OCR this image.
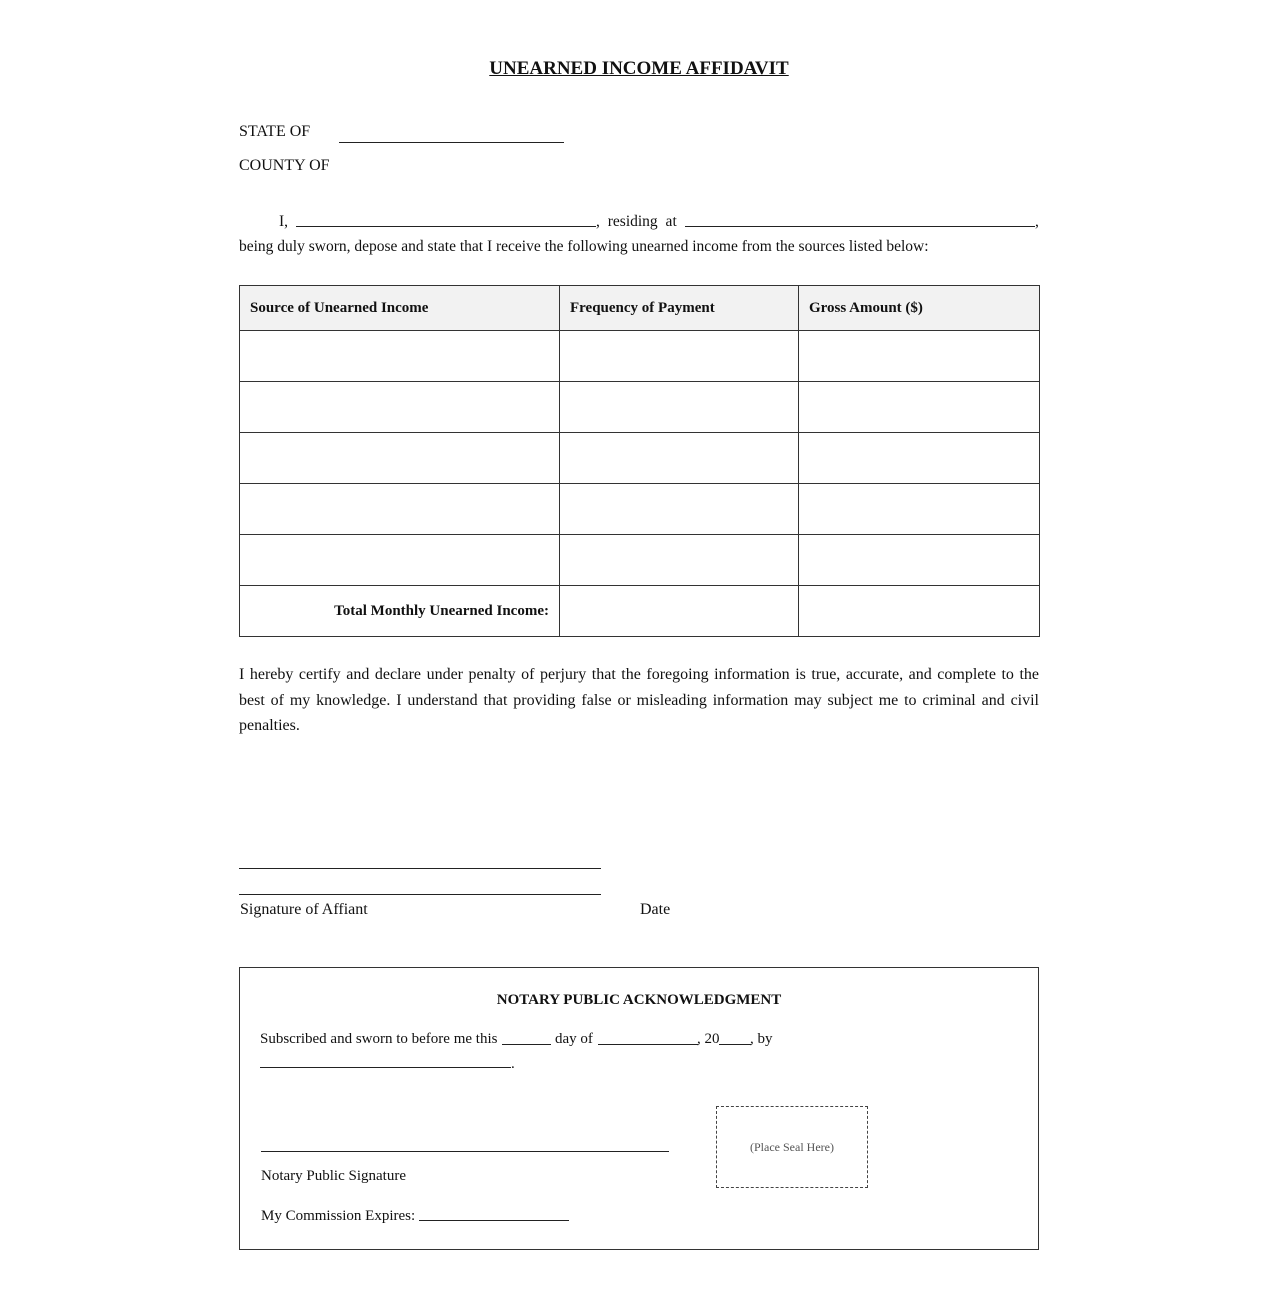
UNEARNED INCOME AFFIDAVIT
STATE OF
COUNTY OF
I,	, residing at	,
being duly sworn, depose and state that I receive the following unearned income from the sources listed below:
Source of Unearned Income	Frequency of Payment	Gross Amount ($)

Total Monthly Unearned Income:		
I hereby certify and declare under penalty of perjury that the foregoing information is true, accurate, and complete to the best of my knowledge. I understand that providing false or misleading information may subject me to criminal and civil penalties.
Signature of Affiant	Date
NOTARY PUBLIC ACKNOWLEDGMENT
Subscribed and sworn to before me this	day of	, 20 , by
.
Notary Public Signature
My Commission Expires:
(Place Seal Here)
